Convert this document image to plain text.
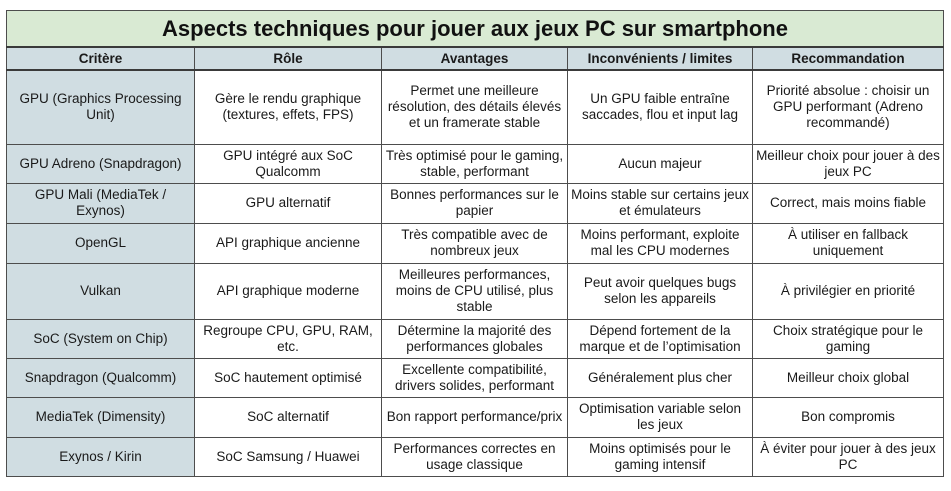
Aspects techniques pour jouer aux jeux PC sur smartphone				
Critère	Rôle	Avantages	Inconvénients / limites	Recommandation
GPU (Graphics Processing Unit)	Gère le rendu graphique (textures, effets, FPS)	Permet une meilleure résolution, des détails élevés et un framerate stable	Un GPU faible entraîne saccades, flou et input lag	Priorité absolue : choisir un GPU performant (Adreno recommandé)
GPU Adreno (Snapdragon)	GPU intégré aux SoC Qualcomm	Très optimisé pour le gaming, stable, performant	Aucun majeur	Meilleur choix pour jouer à des jeux PC
GPU Mali (MediaTek / Exynos)	GPU alternatif	Bonnes performances sur le papier	Moins stable sur certains jeux et émulateurs	Correct, mais moins fiable
OpenGL	API graphique ancienne	Très compatible avec de nombreux jeux	Moins performant, exploite mal les CPU modernes	À utiliser en fallback uniquement
Vulkan	API graphique moderne	Meilleures performances, moins de CPU utilisé, plus stable	Peut avoir quelques bugs selon les appareils	À privilégier en priorité
SoC (System on Chip)	Regroupe CPU, GPU, RAM, etc.	Détermine la majorité des performances globales	Dépend fortement de la marque et de l’optimisation	Choix stratégique pour le gaming
Snapdragon (Qualcomm)	SoC hautement optimisé	Excellente compatibilité, drivers solides, performant	Généralement plus cher	Meilleur choix global
MediaTek (Dimensity)	SoC alternatif	Bon rapport performance/prix	Optimisation variable selon les jeux	Bon compromis
Exynos / Kirin	SoC Samsung / Huawei	Performances correctes en usage classique	Moins optimisés pour le gaming intensif	À éviter pour jouer à des jeux PC
